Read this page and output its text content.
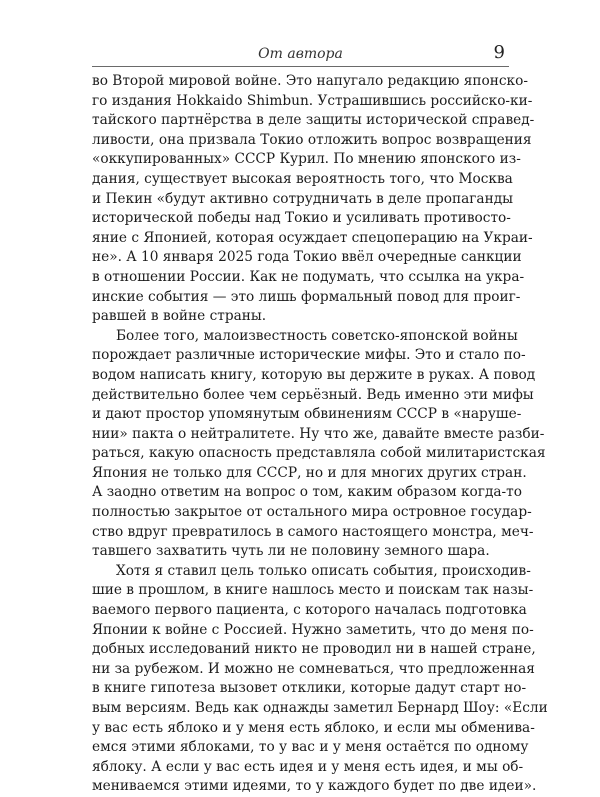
От автора	9
во Второй мировой войне. Это напугало редакцию японско-
го издания Hokkaido Shimbun. Устрашившись российско-ки-
тайского партнёрства в деле защиты исторической справед-
ливости, она призвала Токио отложить вопрос возвращения
«оккупированных» СССР Курил. По мнению японского из-
дания, существует высокая вероятность того, что Москва
и Пекин «будут активно сотрудничать в деле пропаганды
исторической победы над Токио и усиливать противосто-
яние с Японией, которая осуждает спецоперацию на Украи-
не». А 10 января 2025 года Токио ввёл очередные санкции
в отношении России. Как не подумать, что ссылка на укра-
инские события — это лишь формальный повод для проиг-
равшей в войне страны.
Более того, малоизвестность советско-японской войны
порождает различные исторические мифы. Это и стало по-
водом написать книгу, которую вы держите в руках. А повод
действительно более чем серьёзный. Ведь именно эти мифы
и дают простор упомянутым обвинениям СССР в «наруше-
нии» пакта о нейтралитете. Ну что же, давайте вместе разби-
раться, какую опасность представляла собой милитаристская
Япония не только для СССР, но и для многих других стран.
А заодно ответим на вопрос о том, каким образом когда-то
полностью закрытое от остального мира островное государ-
ство вдруг превратилось в самого настоящего монстра, меч-
тавшего захватить чуть ли не половину земного шара.
Хотя я ставил цель только описать события, происходив-
шие в прошлом, в книге нашлось место и поискам так назы-
ваемого первого пациента, с которого началась подготовка
Японии к войне с Россией. Нужно заметить, что до меня по-
добных исследований никто не проводил ни в нашей стране,
ни за рубежом. И можно не сомневаться, что предложенная
в книге гипотеза вызовет отклики, которые дадут старт но-
вым версиям. Ведь как однажды заметил Бернард Шоу: «Если
у вас есть яблоко и у меня есть яблоко, и если мы обменива-
емся этими яблоками, то у вас и у меня остаётся по одному
яблоку. А если у вас есть идея и у меня есть идея, и мы об-
мениваемся этими идеями, то у каждого будет по две идеи».
